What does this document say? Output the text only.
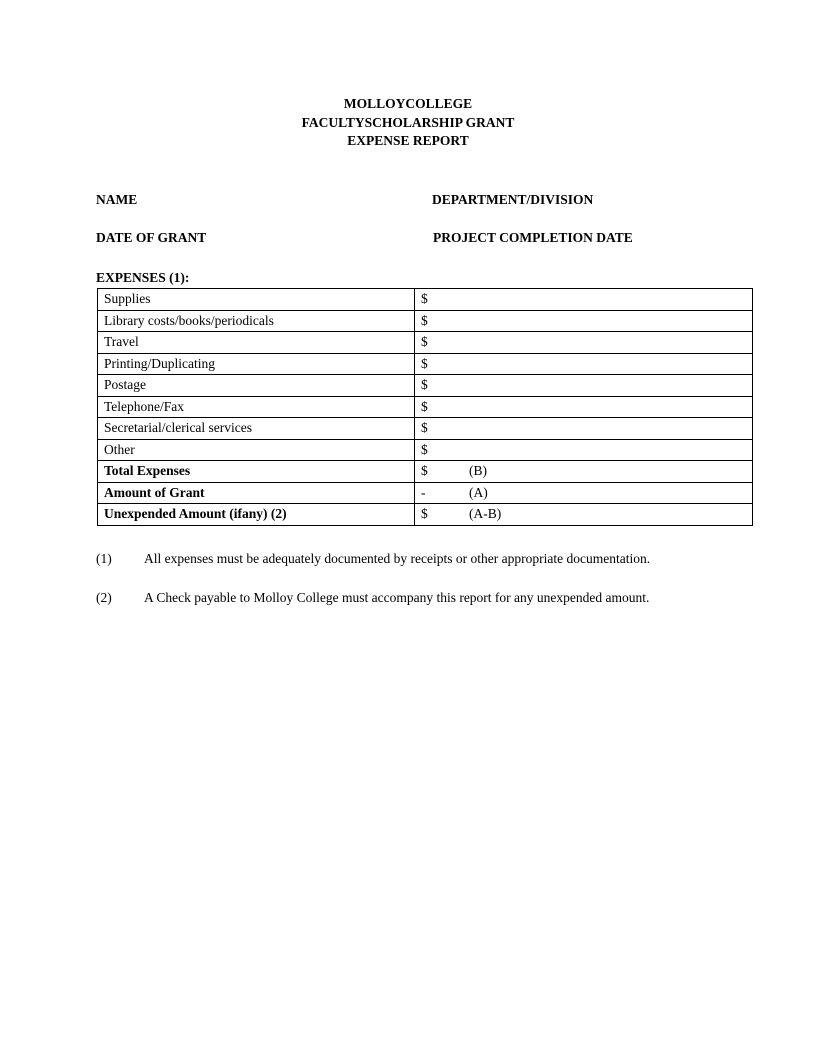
MOLLOYCOLLEGE
FACULTYSCHOLARSHIP GRANT
EXPENSE REPORT
NAME	DEPARTMENT/DIVISION
DATE OF GRANT	PROJECT COMPLETION DATE
EXPENSES (1):
Supplies	$
Library costs/books/periodicals	$
Travel	$
Printing/Duplicating	$
Postage	$
Telephone/Fax	$
Secretarial/clerical services	$
Other	$
Total Expenses	$ (B)
Amount of Grant	- (A)
Unexpended Amount (ifany) (2)	$ (A-B)
(1) All expenses must be adequately documented by receipts or other appropriate documentation.
(2) A Check payable to Molloy College must accompany this report for any unexpended amount.
